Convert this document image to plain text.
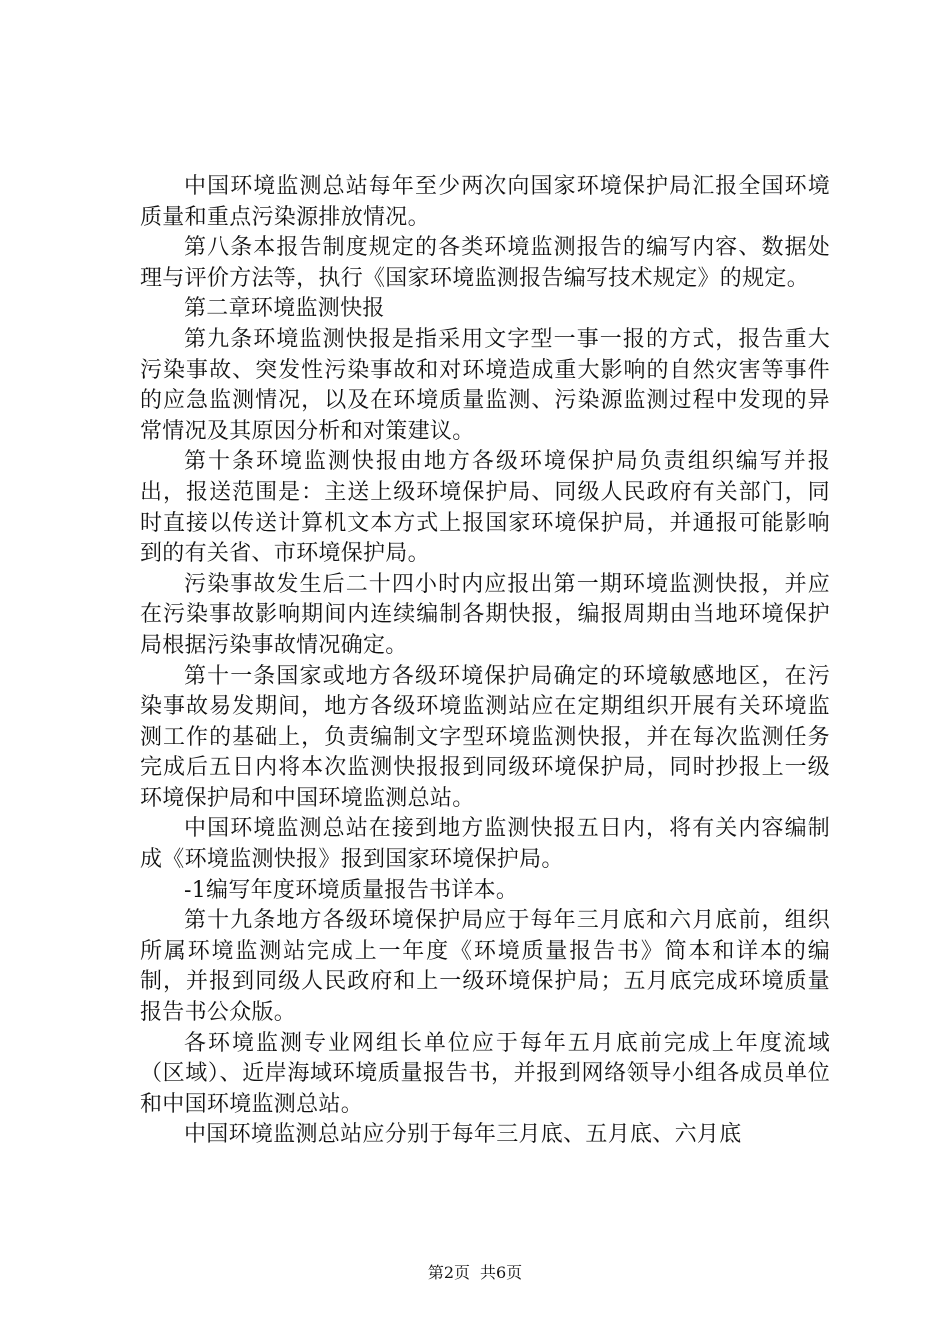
中国环境监测总站每年至少两次向国家环境保护局汇报全国环境质量和重点污染源排放情况。

第八条本报告制度规定的各类环境监测报告的编写内容、数据处理与评价方法等，执行《国家环境监测报告编写技术规定》的规定。

第二章环境监测快报

第九条环境监测快报是指采用文字型一事一报的方式，报告重大污染事故、突发性污染事故和对环境造成重大影响的自然灾害等事件的应急监测情况，以及在环境质量监测、污染源监测过程中发现的异常情况及其原因分析和对策建议。

第十条环境监测快报由地方各级环境保护局负责组织编写并报出，报送范围是：主送上级环境保护局、同级人民政府有关部门，同时直接以传送计算机文本方式上报国家环境保护局，并通报可能影响到的有关省、市环境保护局。

污染事故发生后二十四小时内应报出第一期环境监测快报，并应在污染事故影响期间内连续编制各期快报，编报周期由当地环境保护局根据污染事故情况确定。

第十一条国家或地方各级环境保护局确定的环境敏感地区，在污染事故易发期间，地方各级环境监测站应在定期组织开展有关环境监测工作的基础上，负责编制文字型环境监测快报，并在每次监测任务完成后五日内将本次监测快报报到同级环境保护局，同时抄报上一级环境保护局和中国环境监测总站。

中国环境监测总站在接到地方监测快报五日内，将有关内容编制成《环境监测快报》报到国家环境保护局。

-1编写年度环境质量报告书详本。

第十九条地方各级环境保护局应于每年三月底和六月底前，组织所属环境监测站完成上一年度《环境质量报告书》简本和详本的编制，并报到同级人民政府和上一级环境保护局；五月底完成环境质量报告书公众版。

各环境监测专业网组长单位应于每年五月底前完成上年度流域（区域）、近岸海域环境质量报告书，并报到网络领导小组各成员单位和中国环境监测总站。

中国环境监测总站应分别于每年三月底、五月底、六月底

第2页 共6页
